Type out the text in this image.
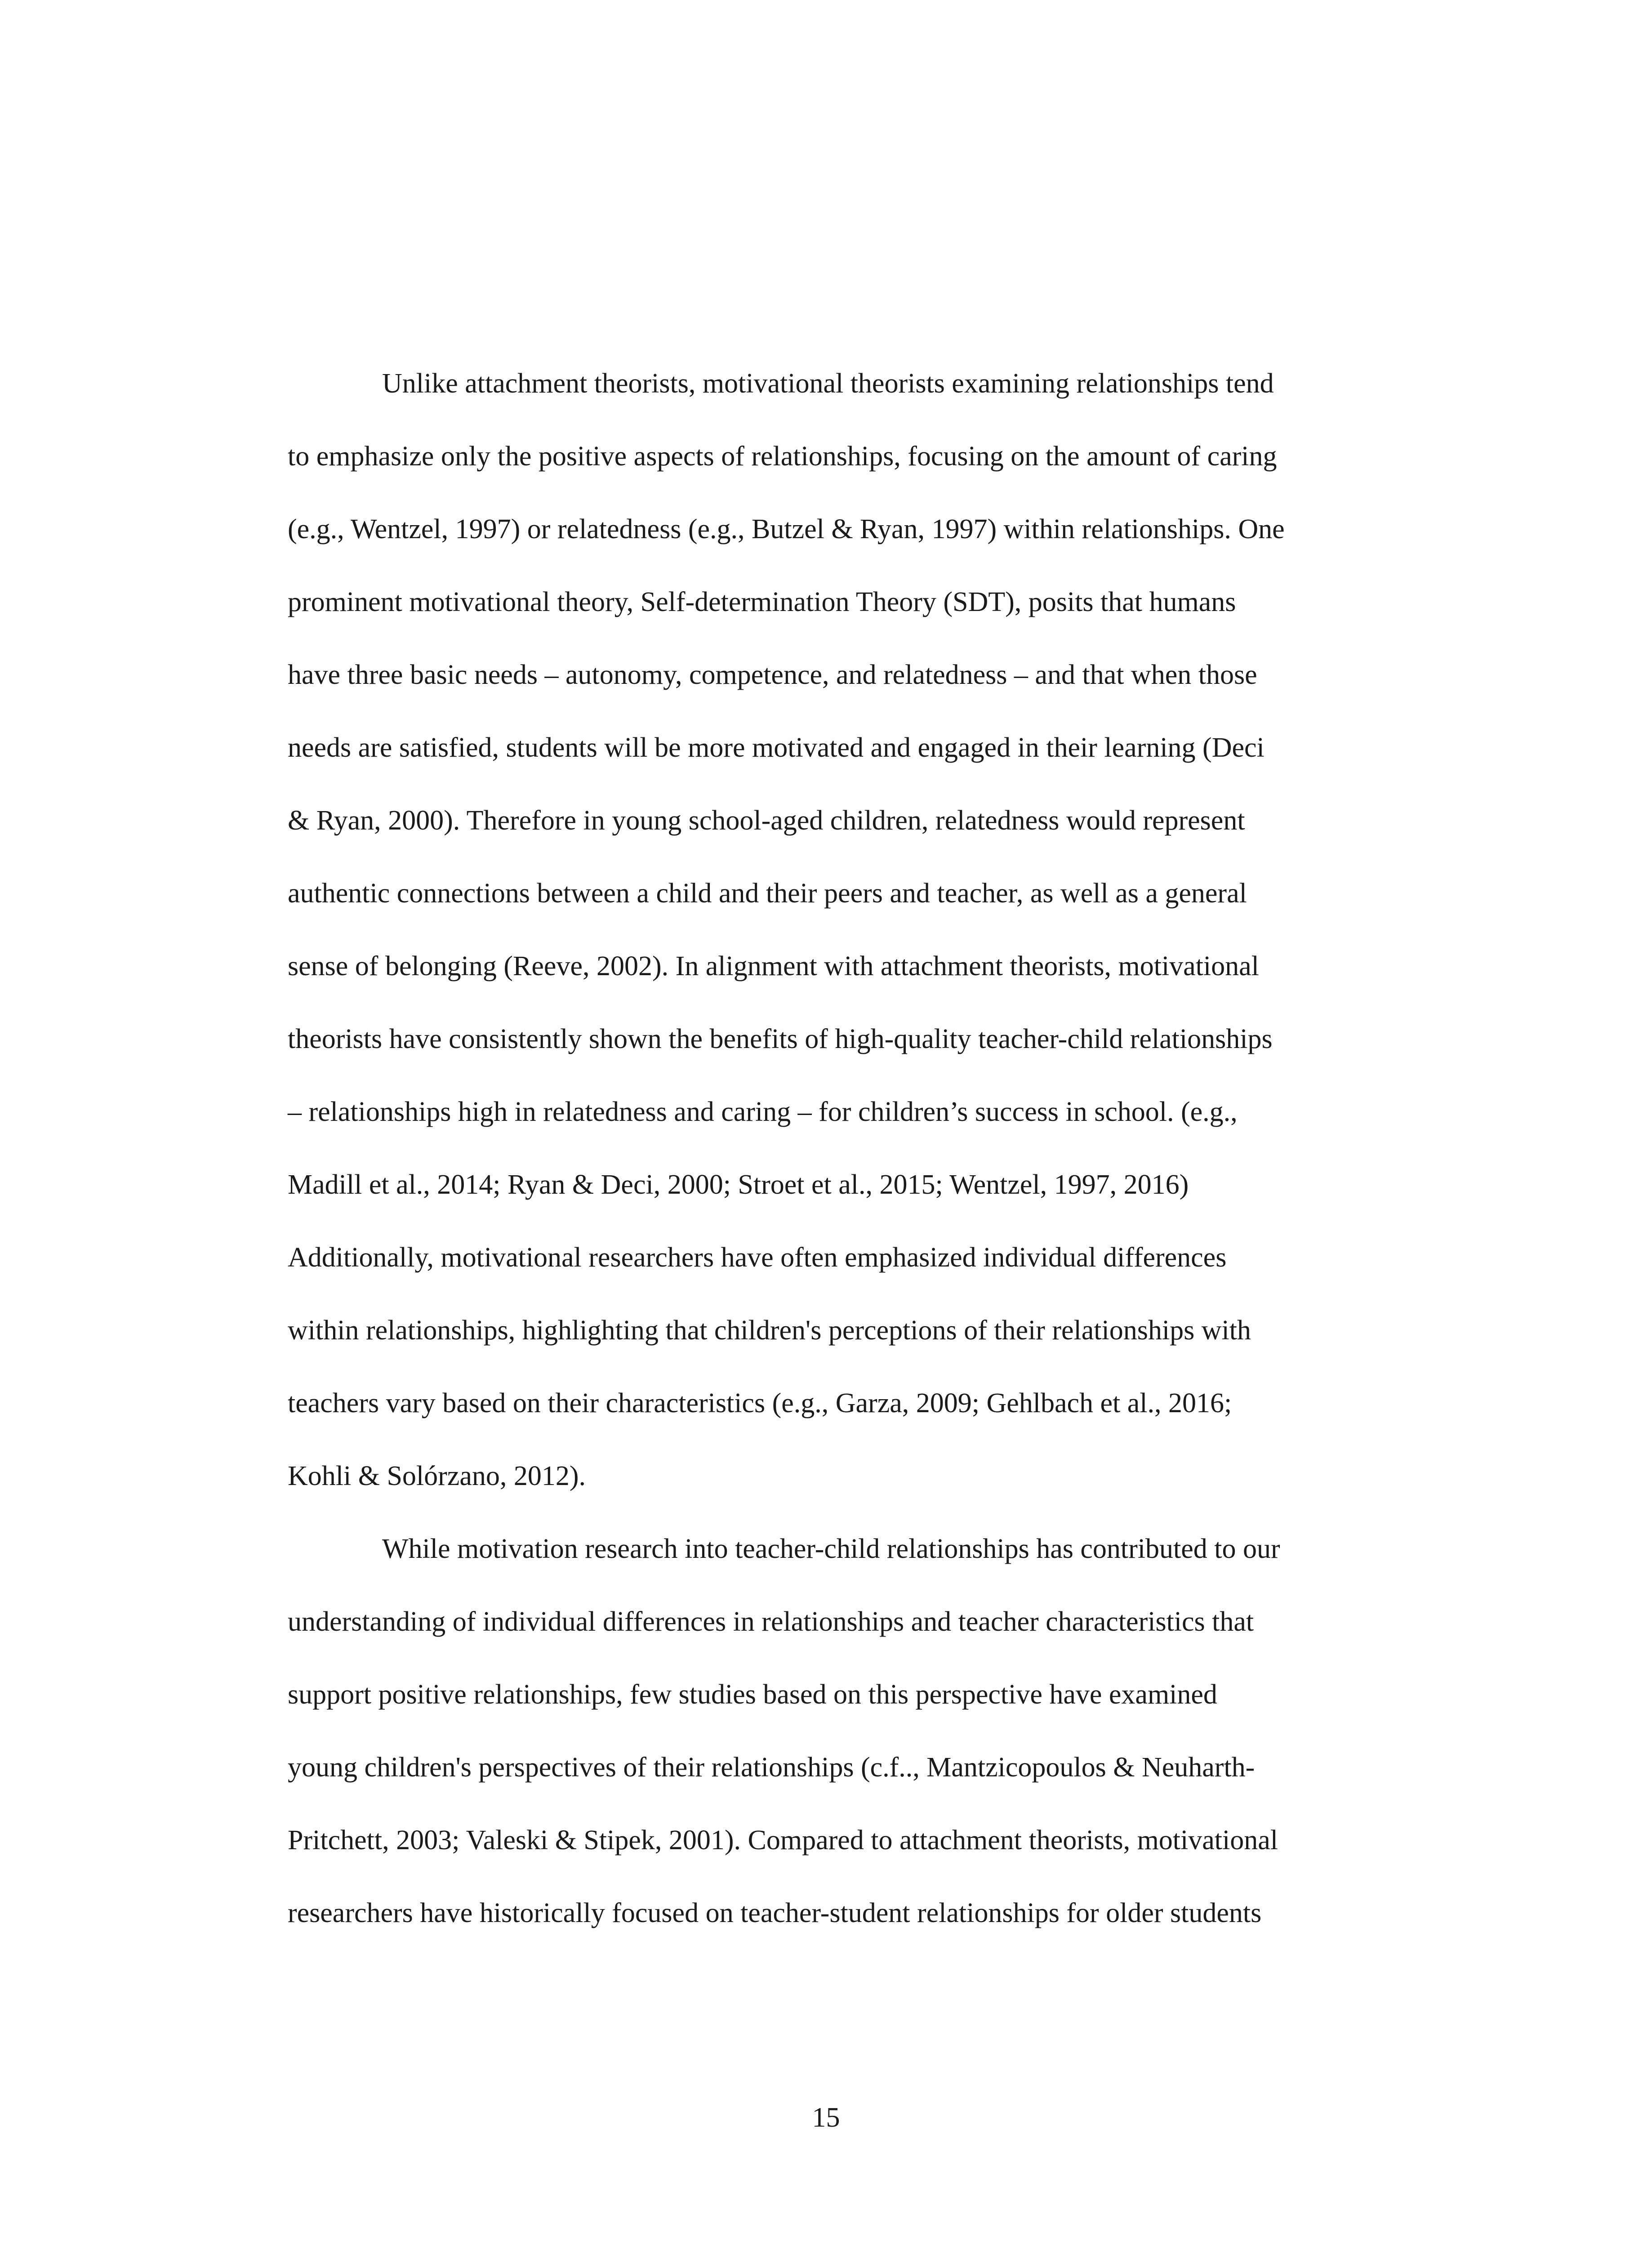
Unlike attachment theorists, motivational theorists examining relationships tend
to emphasize only the positive aspects of relationships, focusing on the amount of caring
(e.g., Wentzel, 1997) or relatedness (e.g., Butzel & Ryan, 1997) within relationships. One
prominent motivational theory, Self-determination Theory (SDT), posits that humans
have three basic needs – autonomy, competence, and relatedness – and that when those
needs are satisfied, students will be more motivated and engaged in their learning (Deci
& Ryan, 2000). Therefore in young school-aged children, relatedness would represent
authentic connections between a child and their peers and teacher, as well as a general
sense of belonging (Reeve, 2002). In alignment with attachment theorists, motivational
theorists have consistently shown the benefits of high-quality teacher-child relationships
– relationships high in relatedness and caring – for children’s success in school. (e.g.,
Madill et al., 2014; Ryan & Deci, 2000; Stroet et al., 2015; Wentzel, 1997, 2016)
Additionally, motivational researchers have often emphasized individual differences
within relationships, highlighting that children's perceptions of their relationships with
teachers vary based on their characteristics (e.g., Garza, 2009; Gehlbach et al., 2016;
Kohli & Solórzano, 2012).
While motivation research into teacher-child relationships has contributed to our
understanding of individual differences in relationships and teacher characteristics that
support positive relationships, few studies based on this perspective have examined
young children's perspectives of their relationships (c.f.., Mantzicopoulos & Neuharth-
Pritchett, 2003; Valeski & Stipek, 2001). Compared to attachment theorists, motivational
researchers have historically focused on teacher-student relationships for older students
15
